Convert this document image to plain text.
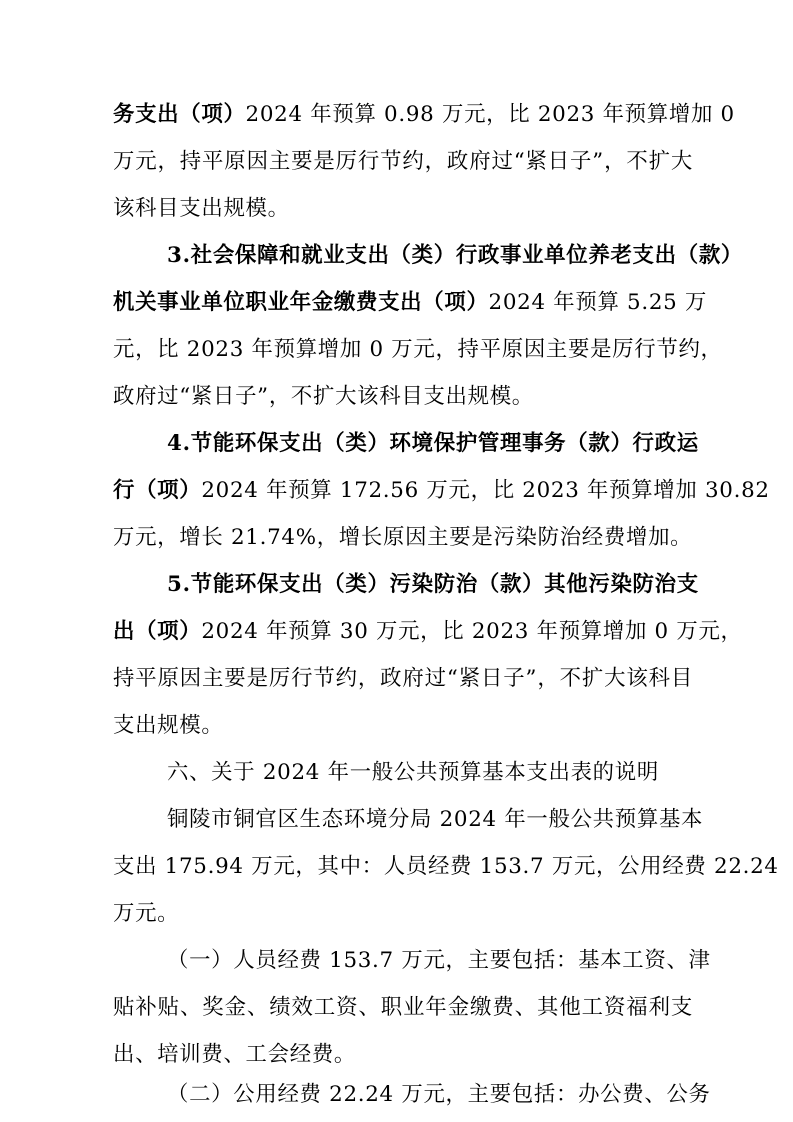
务支出（项）2024 年预算 0.98 万元，比 2023 年预算增加 0
万元，持平原因主要是厉行节约，政府过“紧日子”，不扩大
该科目支出规模。
3.社会保障和就业支出（类）行政事业单位养老支出（款）
机关事业单位职业年金缴费支出（项）2024 年预算 5.25 万
元，比 2023 年预算增加 0 万元，持平原因主要是厉行节约，
政府过“紧日子”，不扩大该科目支出规模。
4.节能环保支出（类）环境保护管理事务（款）行政运
行（项）2024 年预算 172.56 万元，比 2023 年预算增加 30.82
万元，增长 21.74%，增长原因主要是污染防治经费增加。
5.节能环保支出（类）污染防治（款）其他污染防治支
出（项）2024 年预算 30 万元，比 2023 年预算增加 0 万元，
持平原因主要是厉行节约，政府过“紧日子”，不扩大该科目
支出规模。
六、关于 2024 年一般公共预算基本支出表的说明
铜陵市铜官区生态环境分局 2024 年一般公共预算基本
支出 175.94 万元，其中：人员经费 153.7 万元，公用经费 22.24
万元。
（一）人员经费 153.7 万元，主要包括：基本工资、津
贴补贴、奖金、绩效工资、职业年金缴费、其他工资福利支
出、培训费、工会经费。
（二）公用经费 22.24 万元，主要包括：办公费、公务
